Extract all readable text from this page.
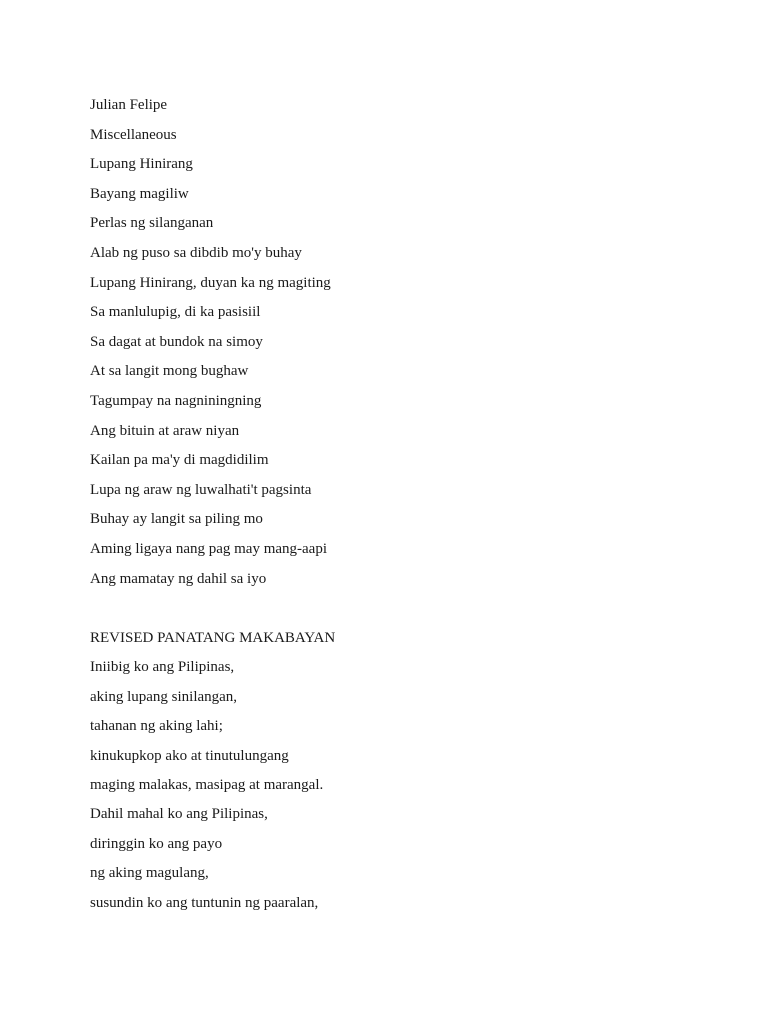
Julian Felipe
Miscellaneous
Lupang Hinirang
Bayang magiliw
Perlas ng silanganan
Alab ng puso sa dibdib mo'y buhay
Lupang Hinirang, duyan ka ng magiting
Sa manlulupig, di ka pasisiil
Sa dagat at bundok na simoy
At sa langit mong bughaw
Tagumpay na nagniningning
Ang bituin at araw niyan
Kailan pa ma'y di magdidilim
Lupa ng araw ng luwalhati't pagsinta
Buhay ay langit sa piling mo
Aming ligaya nang pag may mang-aapi
Ang mamatay ng dahil sa iyo
REVISED PANATANG MAKABAYAN
Iniibig ko ang Pilipinas,
aking lupang sinilangan,
tahanan ng aking lahi;
kinukupkop ako at tinutulungang
maging malakas, masipag at marangal.
Dahil mahal ko ang Pilipinas,
diringgin ko ang payo
ng aking magulang,
susundin ko ang tuntunin ng paaralan,
